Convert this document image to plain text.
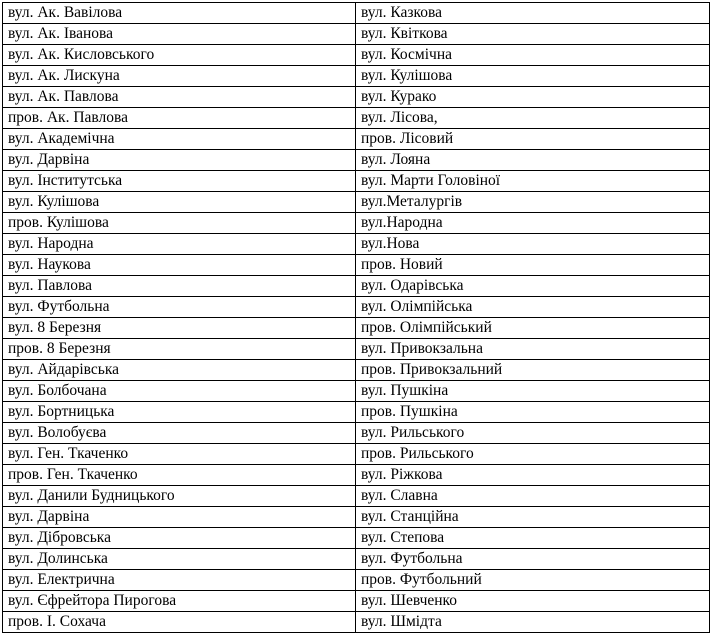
вул. Ак. Вавілова	вул. Казкова
вул. Ак. Іванова	вул. Квіткова
вул. Ак. Кисловського	вул. Космічна
вул. Ак. Лискуна	вул. Кулішова
вул. Ак. Павлова	вул. Курако
пров. Ак. Павлова	вул. Лісова,
вул. Академічна	пров. Лісовий
вул. Дарвіна	вул. Лояна
вул. Інститутська	вул. Марти Головіної
вул. Кулішова	вул.Металургів
пров. Кулішова	вул.Народна
вул. Народна	вул.Нова
вул. Наукова	пров. Новий
вул. Павлова	вул. Одарівська
вул. Футбольна	вул. Олімпійська
вул. 8 Березня	пров. Олімпійський
пров. 8 Березня	вул. Привокзальна
вул. Айдарівська	пров. Привокзальний
вул. Болбочана	вул. Пушкіна
вул. Бортницька	пров. Пушкіна
вул. Волобуєва	вул. Рильського
вул. Ген. Ткаченко	пров. Рильського
пров. Ген. Ткаченко	вул. Ріжкова
вул. Данили Будницького	вул. Славна
вул. Дарвіна	вул. Станційна
вул. Дібровська	вул. Степова
вул. Долинська	вул. Футбольна
вул. Електрична	пров. Футбольний
вул. Єфрейтора Пирогова	вул. Шевченко
пров. І. Сохача	вул. Шмідта
